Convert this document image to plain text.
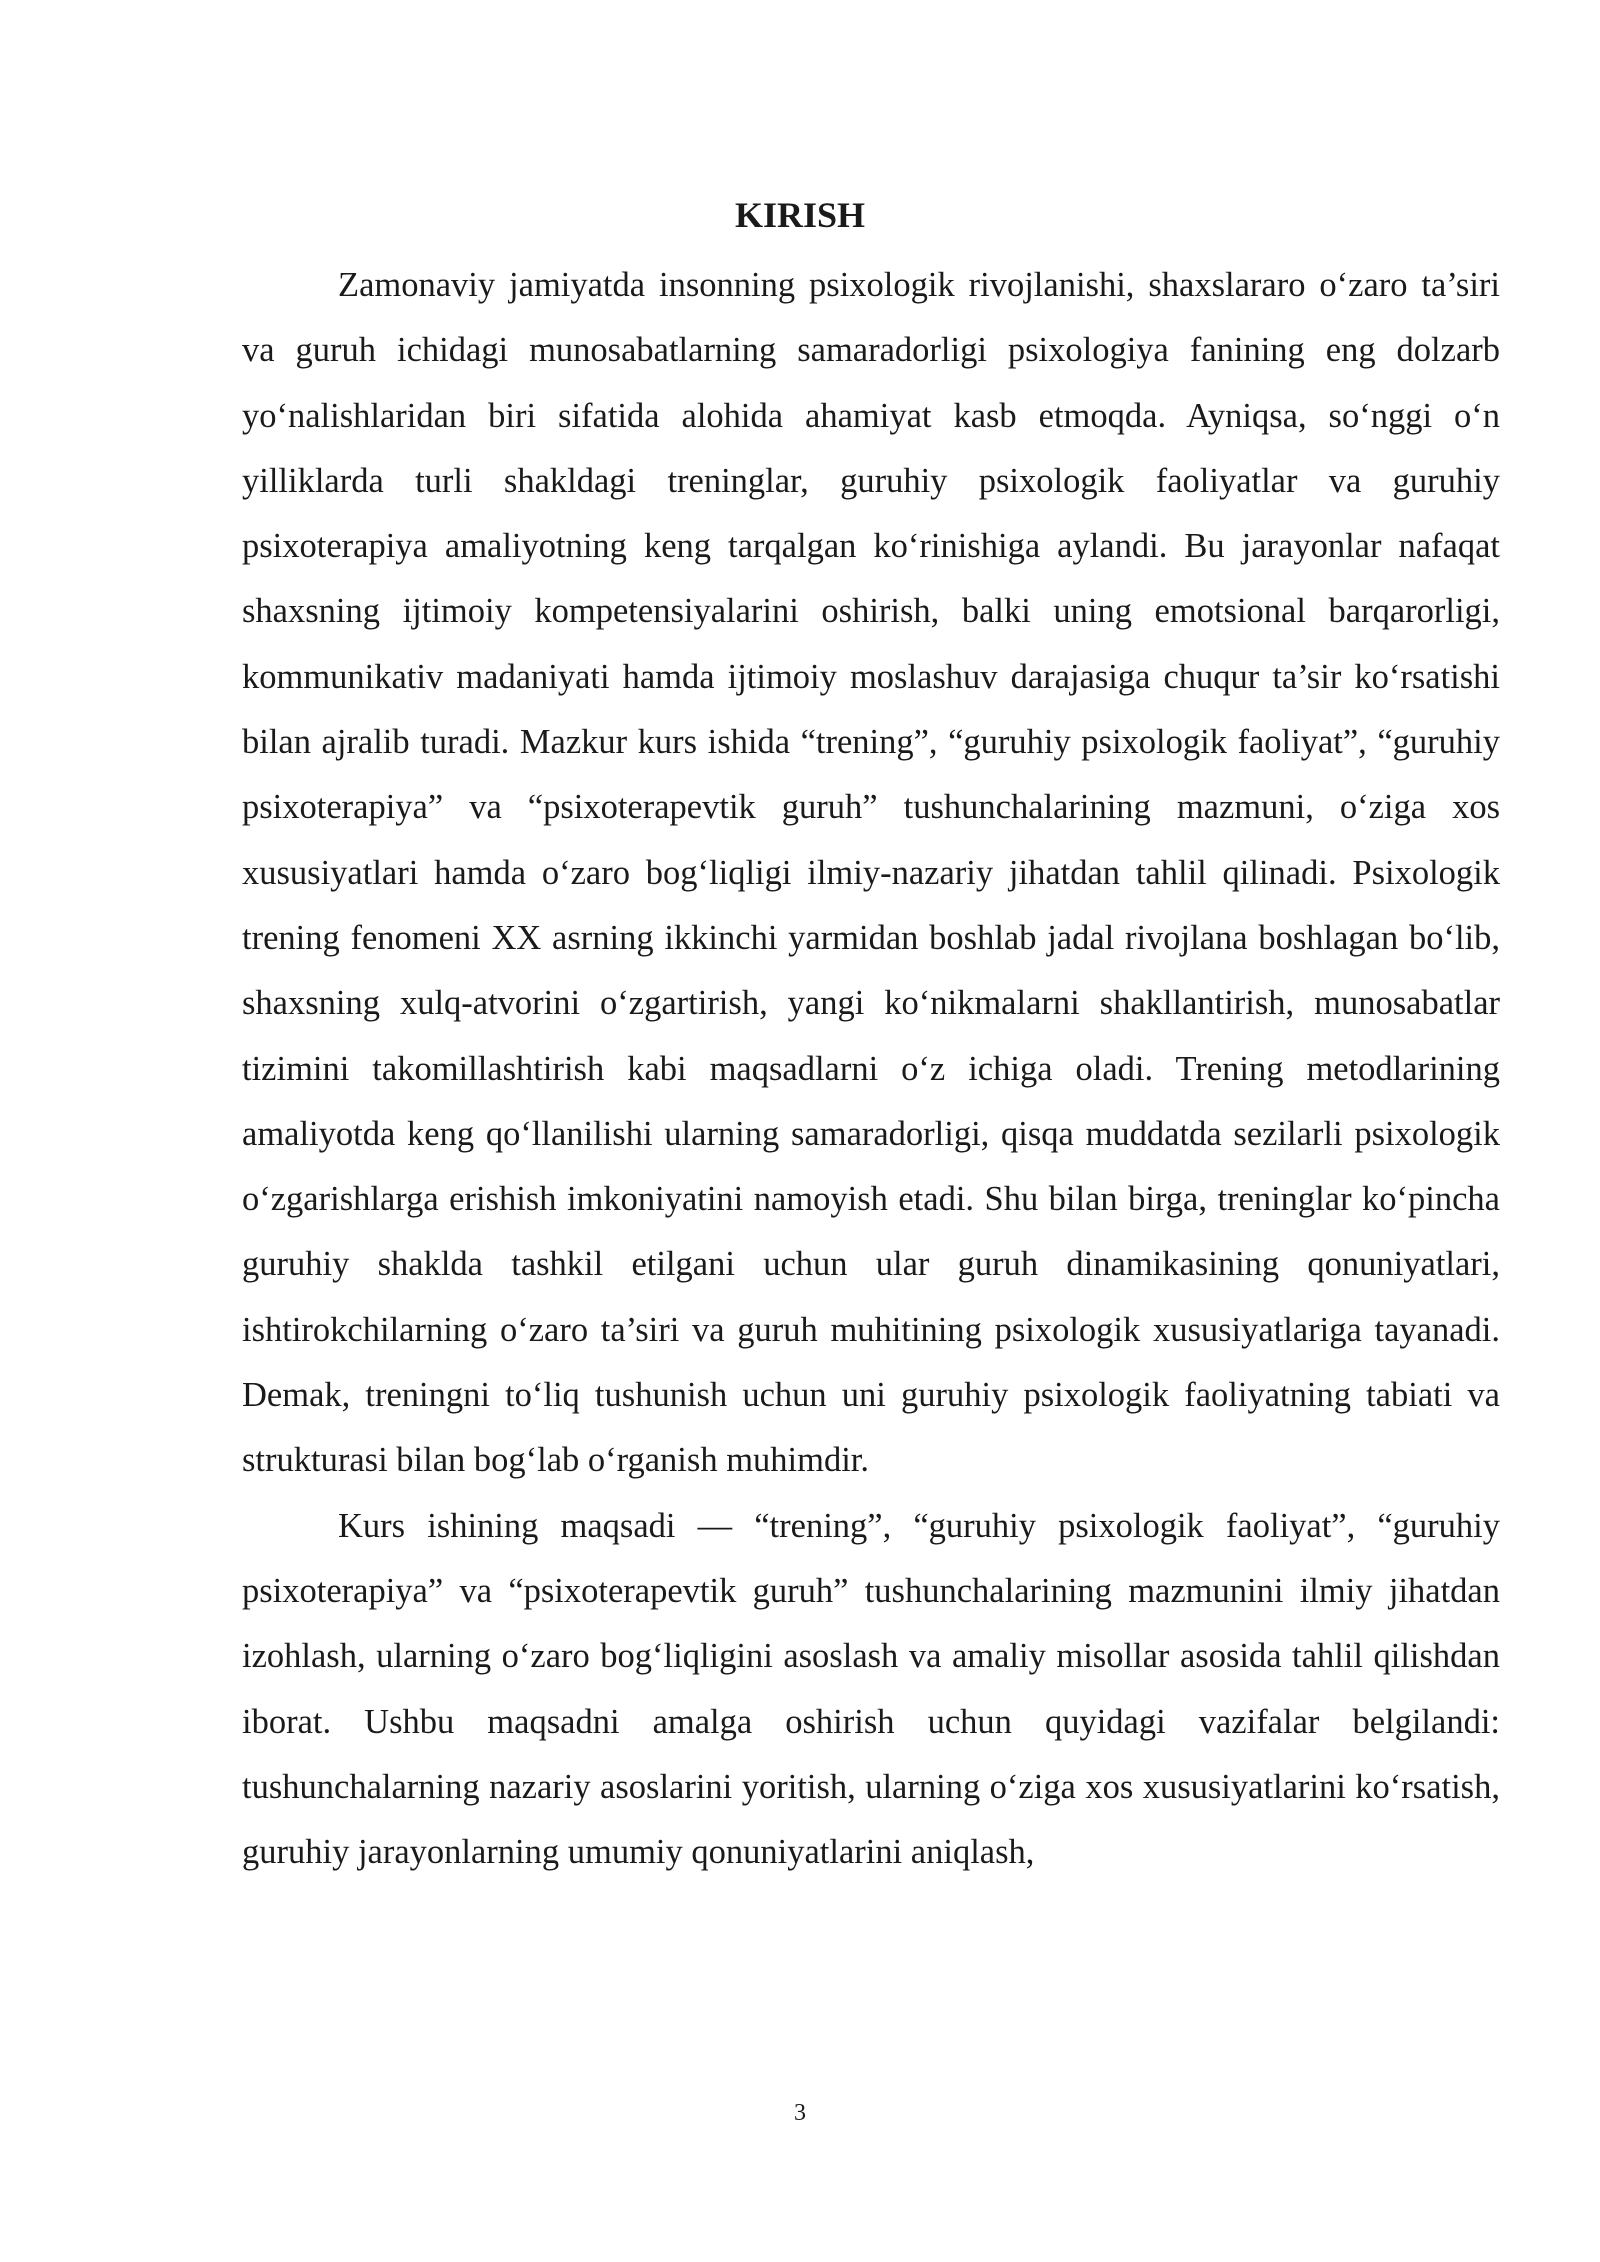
KIRISH

Zamonaviy jamiyatda insonning psixologik rivojlanishi, shaxslararo o‘zaro ta’siri va guruh ichidagi munosabatlarning samaradorligi psixologiya fanining eng dolzarb yo‘nalishlaridan biri sifatida alohida ahamiyat kasb etmoqda. Ayniqsa, so‘nggi o‘n yilliklarda turli shakldagi treninglar, guruhiy psixologik faoliyatlar va guruhiy psixoterapiya amaliyotning keng tarqalgan ko‘rinishiga aylandi. Bu jarayonlar nafaqat shaxsning ijtimoiy kompetensiyalarini oshirish, balki uning emotsional barqarorligi, kommunikativ madaniyati hamda ijtimoiy moslashuv darajasiga chuqur ta’sir ko‘rsatishi bilan ajralib turadi. Mazkur kurs ishida “trening”, “guruhiy psixologik faoliyat”, “guruhiy psixoterapiya” va “psixoterapevtik guruh” tushunchalarining mazmuni, o‘ziga xos xususiyatlari hamda o‘zaro bog‘liqligi ilmiy-nazariy jihatdan tahlil qilinadi. Psixologik trening fenomeni XX asrning ikkinchi yarmidan boshlab jadal rivojlana boshlagan bo‘lib, shaxsning xulq-atvorini o‘zgartirish, yangi ko‘nikmalarni shakllantirish, munosabatlar tizimini takomillashtirish kabi maqsadlarni o‘z ichiga oladi. Trening metodlarining amaliyotda keng qo‘llanilishi ularning samaradorligi, qisqa muddatda sezilarli psixologik o‘zgarishlarga erishish imkoniyatini namoyish etadi. Shu bilan birga, treninglar ko‘pincha guruhiy shaklda tashkil etilgani uchun ular guruh dinamikasining qonuniyatlari, ishtirokchilarning o‘zaro ta’siri va guruh muhitining psixologik xususiyatlariga tayanadi. Demak, treningni to‘liq tushunish uchun uni guruhiy psixologik faoliyatning tabiati va strukturasi bilan bog‘lab o‘rganish muhimdir.

Kurs ishining maqsadi — “trening”, “guruhiy psixologik faoliyat”, “guruhiy psixoterapiya” va “psixoterapevtik guruh” tushunchalarining mazmunini ilmiy jihatdan izohlash, ularning o‘zaro bog‘liqligini asoslash va amaliy misollar asosida tahlil qilishdan iborat. Ushbu maqsadni amalga oshirish uchun quyidagi vazifalar belgilandi: tushunchalarning nazariy asoslarini yoritish, ularning o‘ziga xos xususiyatlarini ko‘rsatish, guruhiy jarayonlarning umumiy qonuniyatlarini aniqlash,

3
